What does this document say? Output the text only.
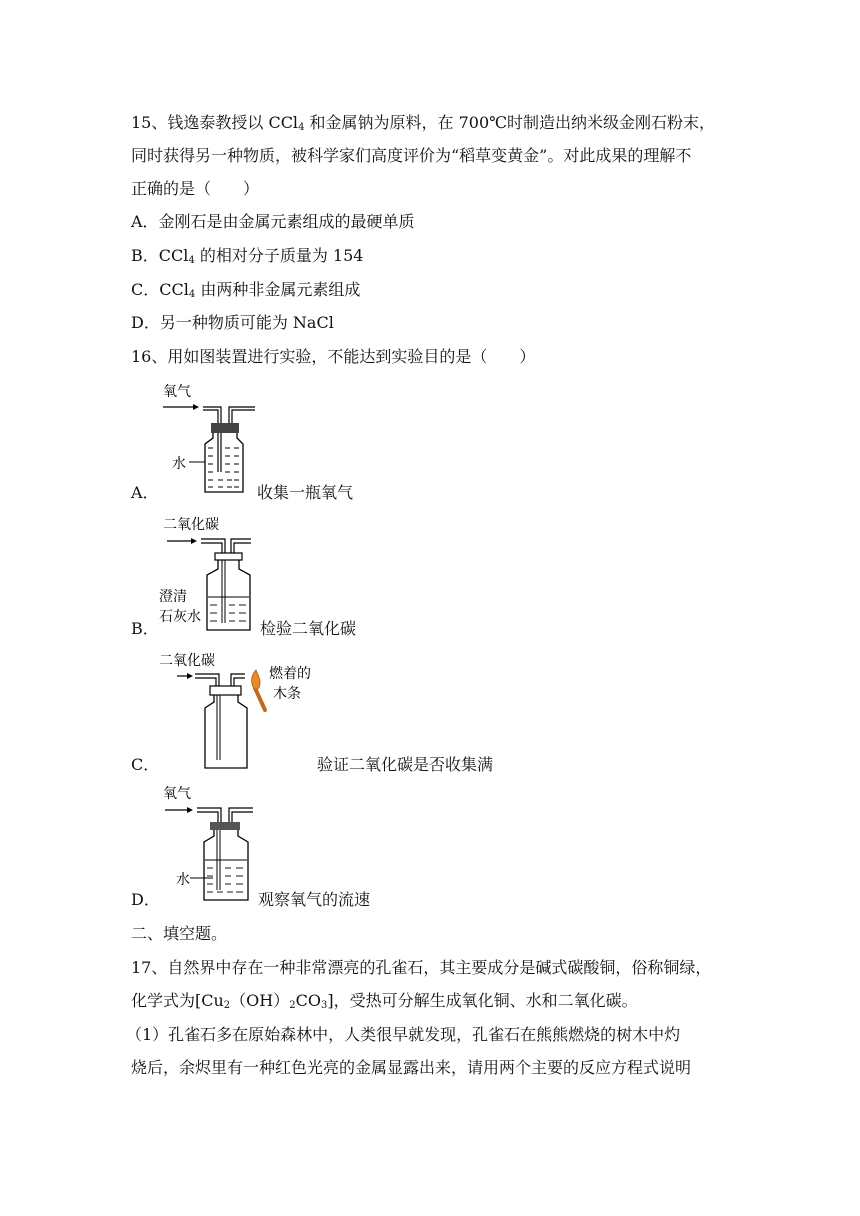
15、钱逸泰教授以 CCl$_4$ 和金属钠为原料，在 700℃时制造出纳米级金刚石粉末，
同时获得另一种物质，被科学家们高度评价为“稻草变黄金”。对此成果的理解不
正确的是（　　）
A．金刚石是由金属元素组成的最硬单质
B．CCl$_4$ 的相对分子质量为 154
C．CCl$_4$ 由两种非金属元素组成
D．另一种物质可能为 NaCl
16、用如图装置进行实验，不能达到实验目的是（　　）
氧气
水
A．	收集一瓶氧气
二氧化碳
澄清
石灰水
B．	检验二氧化碳
二氧化碳
燃着的
木条
C．	验证二氧化碳是否收集满
氧气
水
D．	观察氧气的流速
二、填空题。
17、自然界中存在一种非常漂亮的孔雀石，其主要成分是碱式碳酸铜，俗称铜绿，
化学式为$[Cu_2(OH)_2CO_3]$，受热可分解生成氧化铜、水和二氧化碳。
（1）孔雀石多在原始森林中，人类很早就发现，孔雀石在熊熊燃烧的树木中灼
烧后，余烬里有一种红色光亮的金属显露出来，请用两个主要的反应方程式说明
